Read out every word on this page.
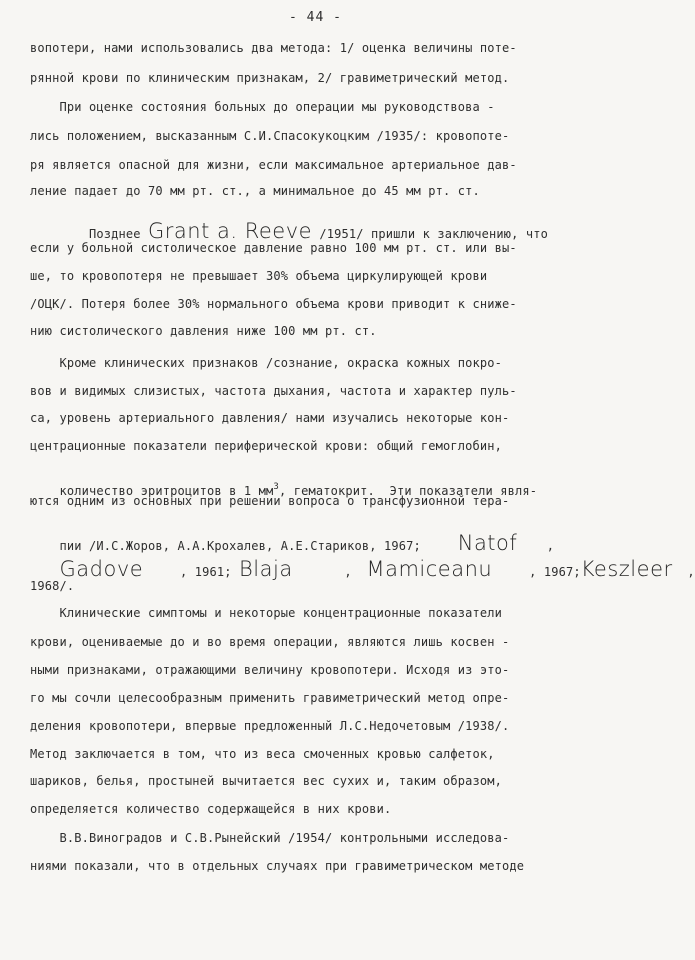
- 44 -
вопотери, нами использовались два метода: 1/ оценка величины поте-
рянной крови по клиническим признакам, 2/ гравиметрический метод.
При оценке состояния больных до операции мы руководствова -
лись положением, высказанным С.И.Спасокукоцким /1935/: кровопоте-
ря является опасной для жизни, если максимальное артериальное дав-
ление падает до 70 мм рт. ст., а минимальное до 45 мм рт. ст.

Позднее Grant a. Reeve /1951/ пришли к заключению, что

если у больной систолическое давление равно 100 мм рт. ст. или вы-
ше, то кровопотеря не превышает 30% объема циркулирующей крови
/ОЦК/. Потеря более 30% нормального объема крови приводит к сниже-
нию систолического давления ниже 100 мм рт. ст.
Кроме клинических признаков /сознание, окраска кожных покро-
вов и видимых слизистых, частота дыхания, частота и характер пуль-
са, уровень артериального давления/ нами изучались некоторые кон-
центрационные показатели периферической крови: общий гемоглобин,

количество эритроцитов в 1 $мм^3$, гематокрит.  Эти показатели явля-

ются одним из основных при решении вопроса о трансфузионной тера-

пии /И.С.Жоров, А.А.Крохалев, А.Е.Стариков, 1967; Natof ,

Gadove	, 1961; Blaja	, Mamiceanu	, 1967;Keszleer ,

1968/.
Клинические симптомы и некоторые концентрационные показатели
крови, оцениваемые до и во время операции, являются лишь косвен -
ными признаками, отражающими величину кровопотери. Исходя из это-
го мы сочли целесообразным применить гравиметрический метод опре-
деления кровопотери, впервые предложенный Л.С.Недочетовым /1938/.
Метод заключается в том, что из веса смоченных кровью салфеток,
шариков, белья, простыней вычитается вес сухих и, таким образом,
определяется количество содержащейся в них крови.
В.В.Виноградов и С.В.Рынейский /1954/ контрольными исследова-
ниями показали, что в отдельных случаях при гравиметрическом методе
